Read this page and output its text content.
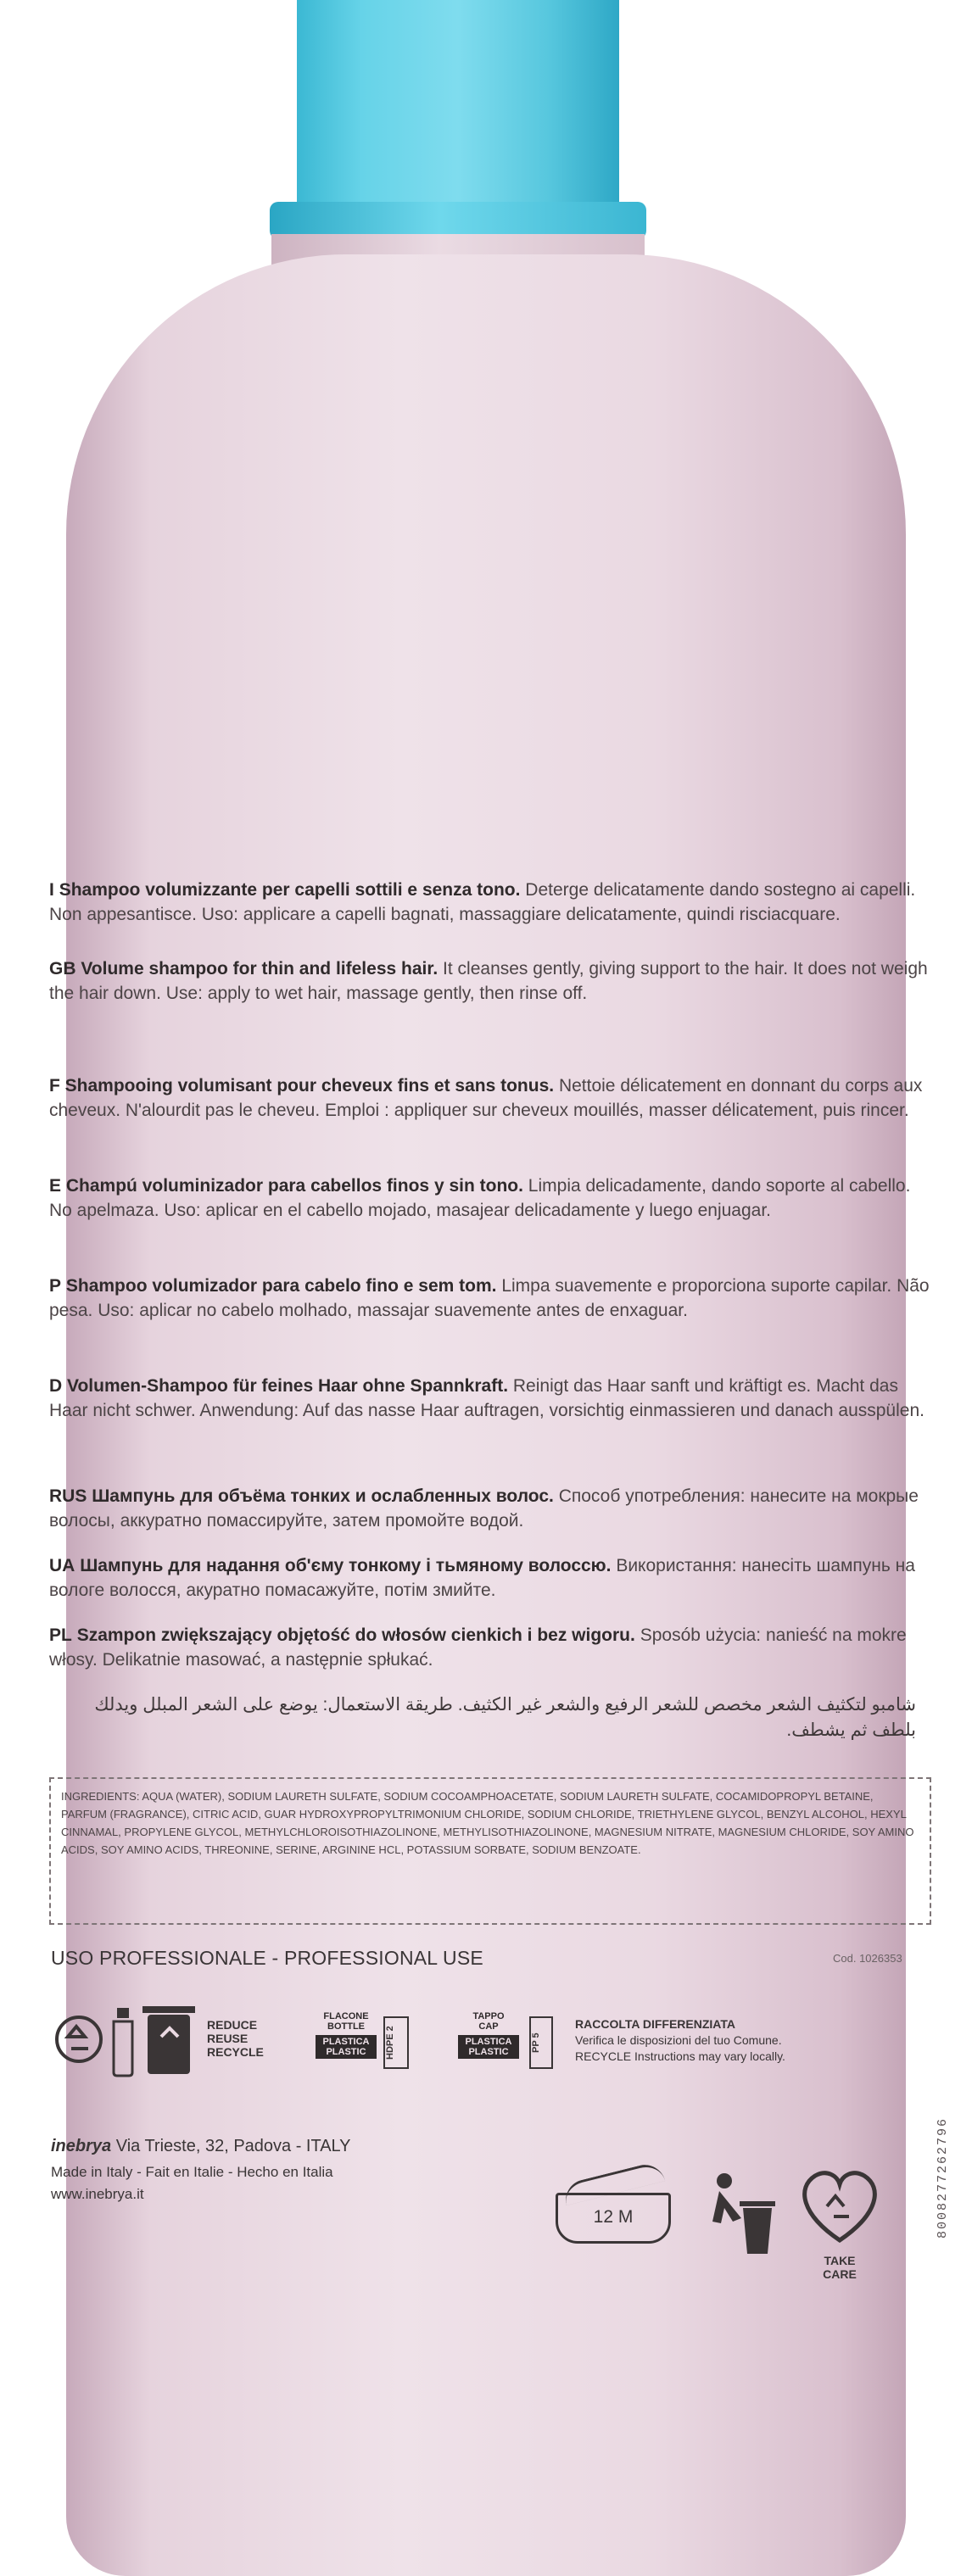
I Shampoo volumizzante per capelli sottili e senza tono. Deterge delicatamente dando sostegno ai capelli. Non appesantisce. Uso: applicare a capelli bagnati, massaggiare delicatamente, quindi risciacquare.
GB Volume shampoo for thin and lifeless hair. It cleanses gently, giving support to the hair. It does not weigh the hair down. Use: apply to wet hair, massage gently, then rinse off.
F Shampooing volumisant pour cheveux fins et sans tonus. Nettoie délicatement en donnant du corps aux cheveux. N'alourdit pas le cheveu. Emploi : appliquer sur cheveux mouillés, masser délicatement, puis rincer.
E Champú voluminizador para cabellos finos y sin tono. Limpia delicadamente, dando soporte al cabello. No apelmaza. Uso: aplicar en el cabello mojado, masajear delicadamente y luego enjuagar.
P Shampoo volumizador para cabelo fino e sem tom. Limpa suavemente e proporciona suporte capilar. Não pesa. Uso: aplicar no cabelo molhado, massajar suavemente antes de enxaguar.
D Volumen-Shampoo für feines Haar ohne Spannkraft. Reinigt das Haar sanft und kräftigt es. Macht das Haar nicht schwer. Anwendung: Auf das nasse Haar auftragen, vorsichtig einmassieren und danach ausspülen.
RUS Шампунь для объёма тонких и ослабленных волос. Способ употребления: нанесите на мокрые волосы, аккуратно помассируйте, затем промойте водой.
UA Шампунь для надання об'єму тонкому і тьмяному волоссю. Використання: нанесіть шампунь на вологе волосся, акуратно помасажуйте, потім змийте.
PL Szampon zwiększający objętość do włosów cienkich i bez wigoru. Sposób użycia: nanieść na mokre włosy. Delikatnie masować, a następnie spłukać.
شامبو لتكثيف الشعر مخصص للشعر الرفيع والشعر غير الكثيف. طريقة الاستعمال: يوضع على الشعر المبلل ويدلك
بلطف ثم يشطف.
INGREDIENTS: AQUA (WATER), SODIUM LAURETH SULFATE, SODIUM COCOAMPHOACETATE, SODIUM LAURETH SULFATE, COCAMIDOPROPYL BETAINE, PARFUM (FRAGRANCE), CITRIC ACID, GUAR HYDROXYPROPYLTRIMONIUM CHLORIDE, SODIUM CHLORIDE, TRIETHYLENE GLYCOL, BENZYL ALCOHOL, HEXYL CINNAMAL, PROPYLENE GLYCOL, METHYLCHLOROISOTHIAZOLINONE, METHYLISOTHIAZOLINONE, MAGNESIUM NITRATE, MAGNESIUM CHLORIDE, SOY AMINO ACIDS, SOY AMINO ACIDS, THREONINE, SERINE, ARGININE HCL, POTASSIUM SORBATE, SODIUM BENZOATE.
USO PROFESSIONALE - PROFESSIONAL USE	Cod. 1026353
REDUCE
REUSE
RECYCLE
FLACONE
BOTTLE
PLASTICA
PLASTIC	HDPE 2
TAPPO
CAP
PLASTICA
PLASTIC	PP 5
RACCOLTA DIFFERENZIATA
Verifica le disposizioni del tuo Comune.
RECYCLE Instructions may vary locally.
inebrya Via Trieste, 32, Padova - ITALY
Made in Italy - Fait en Italie - Hecho en Italia
www.inebrya.it
12 M
TAKE CARE
8008277262796
